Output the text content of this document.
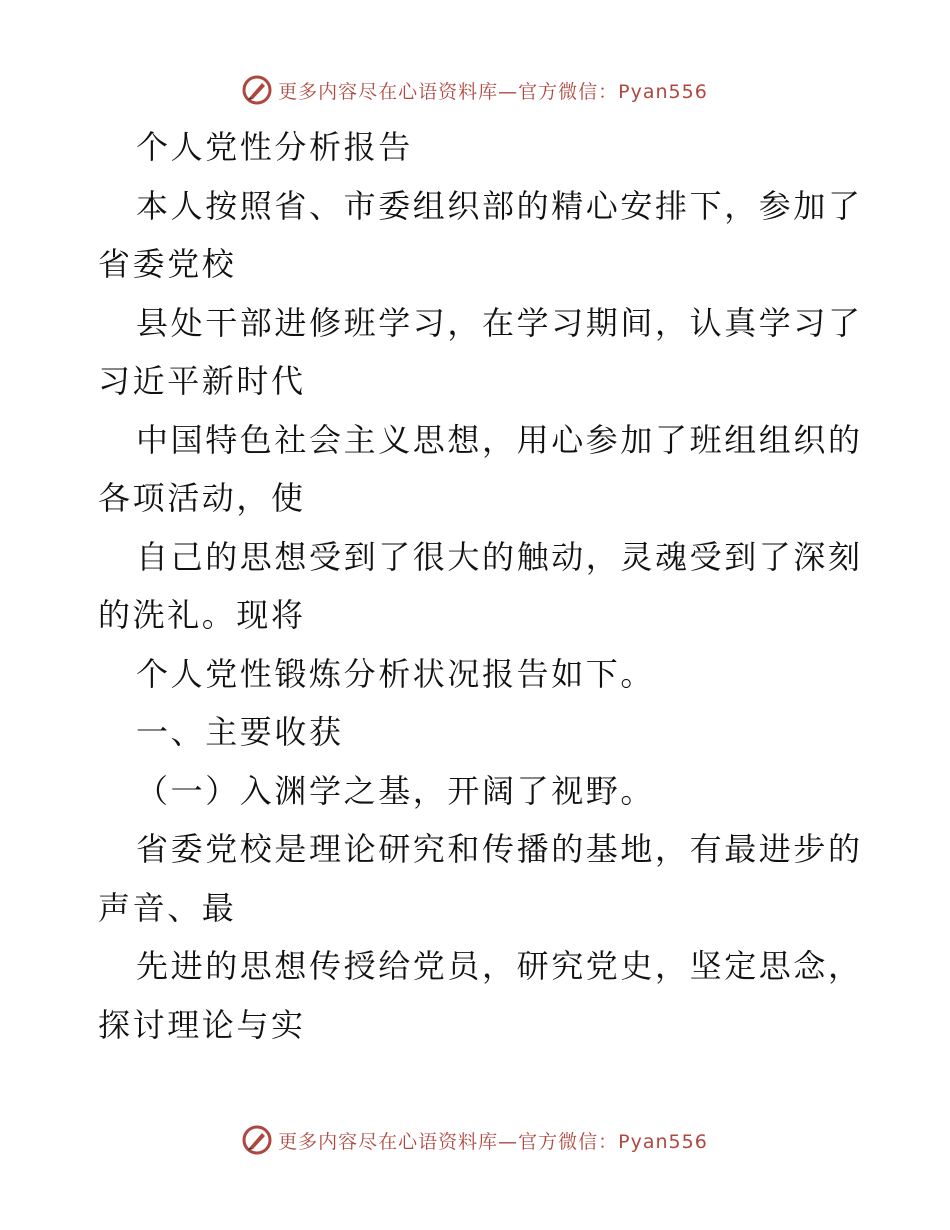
更多内容尽在心语资料库—官方微信：Pyan556
个人党性分析报告
本人按照省、市委组织部的精心安排下，参加了
省委党校
县处干部进修班学习，在学习期间，认真学习了
习近平新时代
中国特色社会主义思想，用心参加了班组组织的
各项活动，使
自己的思想受到了很大的触动，灵魂受到了深刻
的洗礼。现将
个人党性锻炼分析状况报告如下。
一、主要收获
（一）入渊学之基，开阔了视野。
省委党校是理论研究和传播的基地，有最进步的
声音、最
先进的思想传授给党员，研究党史，坚定思念，
探讨理论与实
更多内容尽在心语资料库—官方微信：Pyan556
